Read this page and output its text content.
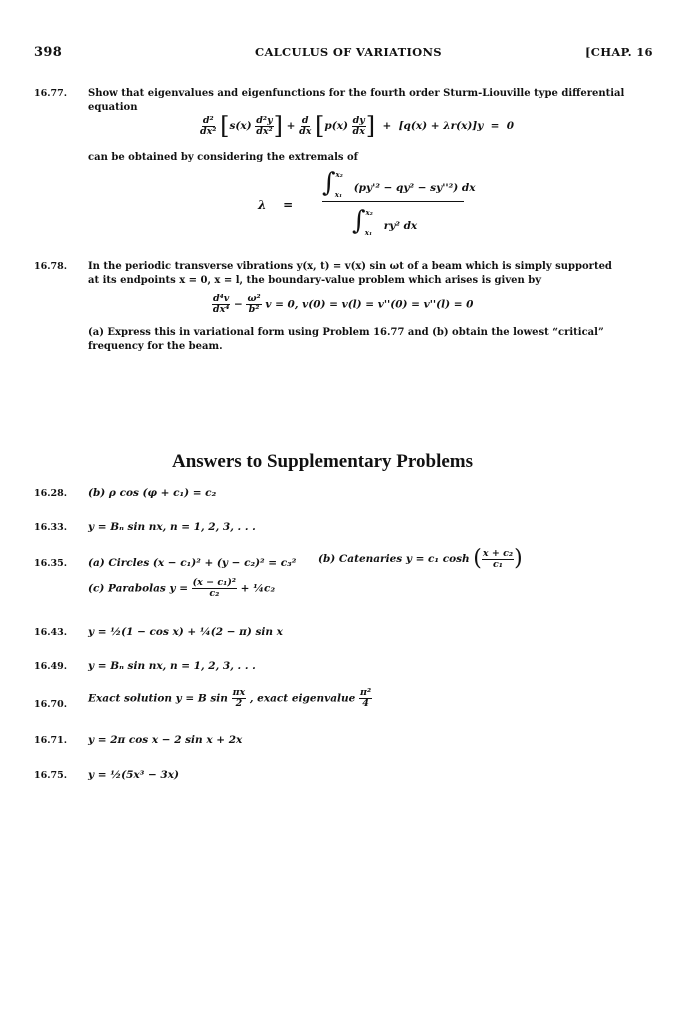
398	CALCULUS OF VARIATIONS	[CHAP. 16
16.77. Show that eigenvalues and eigenfunctions for the fourth order Sturm-Liouville type differential
equation
$\frac{\text{d²}}{\text{dx²}} [s(x) \frac{\text{d²y}}{\text{dx²}}$ ] + $\frac{d}{dx} [p(x) \frac{dy}{dx}$ ]  +  [q(x) + λr(x)]y  =  0
can be obtained by considering the extremals of
λ    =
∫$^{x_2}_{x_1}$ (py'² − qy² − sy''²) dx
∫$^{x_2}_{x_1}$ ry² dx
16.78. In the periodic transverse vibrations y(x, t) = v(x) sin ωt of a beam which is simply supported
at its endpoints x = 0, x = l, the boundary-value problem which arises is given by
$\frac{\text{d⁴v}}{\text{dx⁴}} - \frac{\text{ω²}}{\text{b²}}$ v = 0, v(0) = v(l) = v''(0) = v''(l) = 0
(a) Express this in variational form using Problem 16.77 and (b) obtain the lowest “critical”
frequency for the beam.
Answers to Supplementary Problems
16.28. (b) ρ cos (φ + c₁) = c₂
16.33. y = Bₙ sin nx, n = 1, 2, 3, . . .
16.35. (a) Circles (x − c₁)² + (y − c₂)² = c₃² (b) Catenaries y = c₁ cosh ( $\frac{\text{x + c₂}}{\text{c₁}}$ )
(c) Parabolas $y = \frac{\text{(x − c₁)²}}{\text{c₂}}$ + ¼c₂
16.43. y = ½(1 − cos x) + ¼(2 − π) sin x
16.49. y = Bₙ sin nx, n = 1, 2, 3, . . .
16.70.
Exact solution y = B $\sin \frac{\pi x}{2}$ , exact eigenvalue $\frac{\text{π²}}{4}$
16.71. y = 2π cos x − 2 sin x + 2x
16.75. y = ½(5x³ − 3x)
